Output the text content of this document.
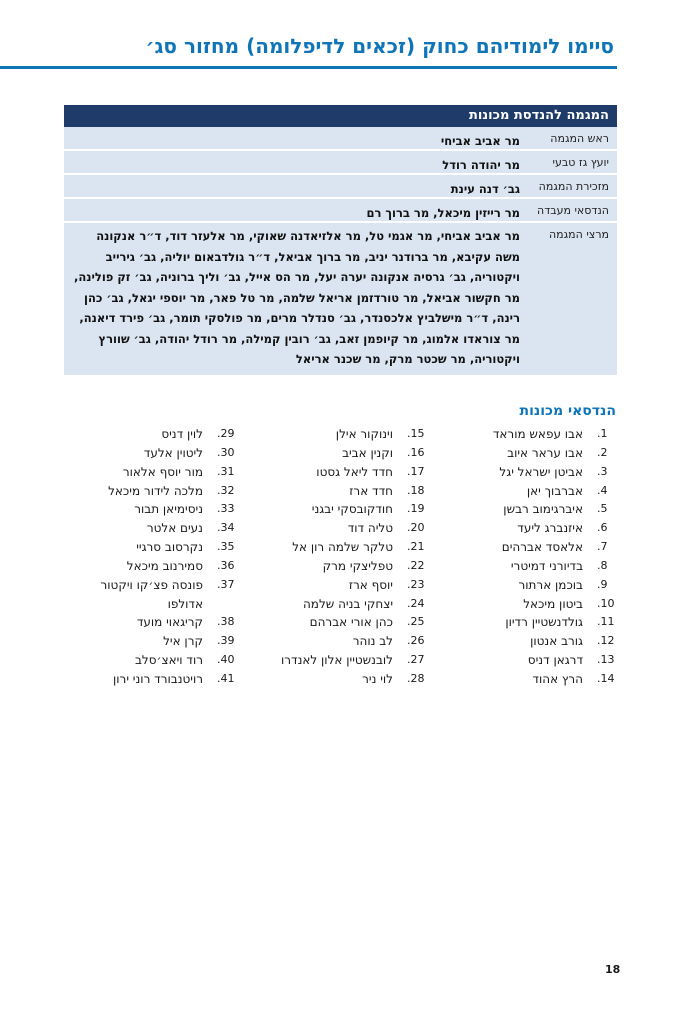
סיימו לימודיהם כחוק (זכאים לדיפלומה) מחזור סג׳
המגמה להנדסת מכונות
ראש המגמה
מר אביב אביחי
יועץ גז טבעי
מר יהודה רודל
מזכירת המגמה
גב׳ דנה עינת
הנדסאי מעבדה
מר רייזין מיכאל, מר ברוך רם
מרצי המגמה
מר אביב אביחי, מר אגמי טל, מר אלזיאדנה שאוקי, מר אלעזר דוד, ד״ר אנקונה משה עקיבא, מר ברודנר יניב, מר ברוך אביאל, ד״ר גולדבאום יוליה, גב׳ גירייב ויקטוריה, גב׳ גרסיה אנקונה יערה יעל, מר הס אייל, גב׳ וליך ברוניה, גב׳ זק פולינה, מר חקשור אביאל, מר טורדזמן אריאל שלמה, מר טל פאר, מר יוספי יגאל, גב׳ כהן רינה, ד״ר מישלביץ אלכסנדר, גב׳ סנדלר מרים, מר פולסקי תומר, גב׳ פירד דיאנה, מר צוראדו אלמוג, מר קיופמן זאב, גב׳ רובין קמילה, מר רודל יהודה, גב׳ שוורץ ויקטוריה, מר שכטר מרק, מר שכנר אריאל
הנדסאי מכונות
1.
אבו עפאש מוראד
2.
אבו עראר איוב
3.
אביטן ישראל יגל
4.
אברבוך יאן
5.
איברגימוב רבשן
6.
איזנברג ליעד
7.
אלאסד אברהים
8.
בדיורני דמיטרי
9.
בוכמן ארתור
10.
ביטון מיכאל
11.
גולדנשטיין רדיון
12.
גורב אנטון
13.
דרגאן דניס
14.
הרץ אהוד
15.
וינוקור אילן
16.
וקנין אביב
17.
חדד ליאל גסטו
18.
חדד ארז
19.
חודקובסקי יבגני
20.
טליה דוד
21.
טלקר שלמה רון אל
22.
טפליצקי מרק
23.
יוסף ארז
24.
יצחקי בניה שלמה
25.
כהן אורי אברהם
26.
לב נוהר
27.
לובנשטיין אלון לאנדרו
28.
לוי ניר
29.
לוין דניס
30.
ליטוין אלעד
31.
מור יוסף אלאור
32.
מלכה לידור מיכאל
33.
ניסימיאן תבור
34.
נעים אלטר
35.
נקרסוב סרגיי
36.
סמירנוב מיכאל
37.
פונסה פצ׳קו ויקטור אדולפו
38.
קריגאוי מועד
39.
קרן איל
40.
רוד ויאצ׳סלב
41.
רויטנבורד רוני ירון
18
